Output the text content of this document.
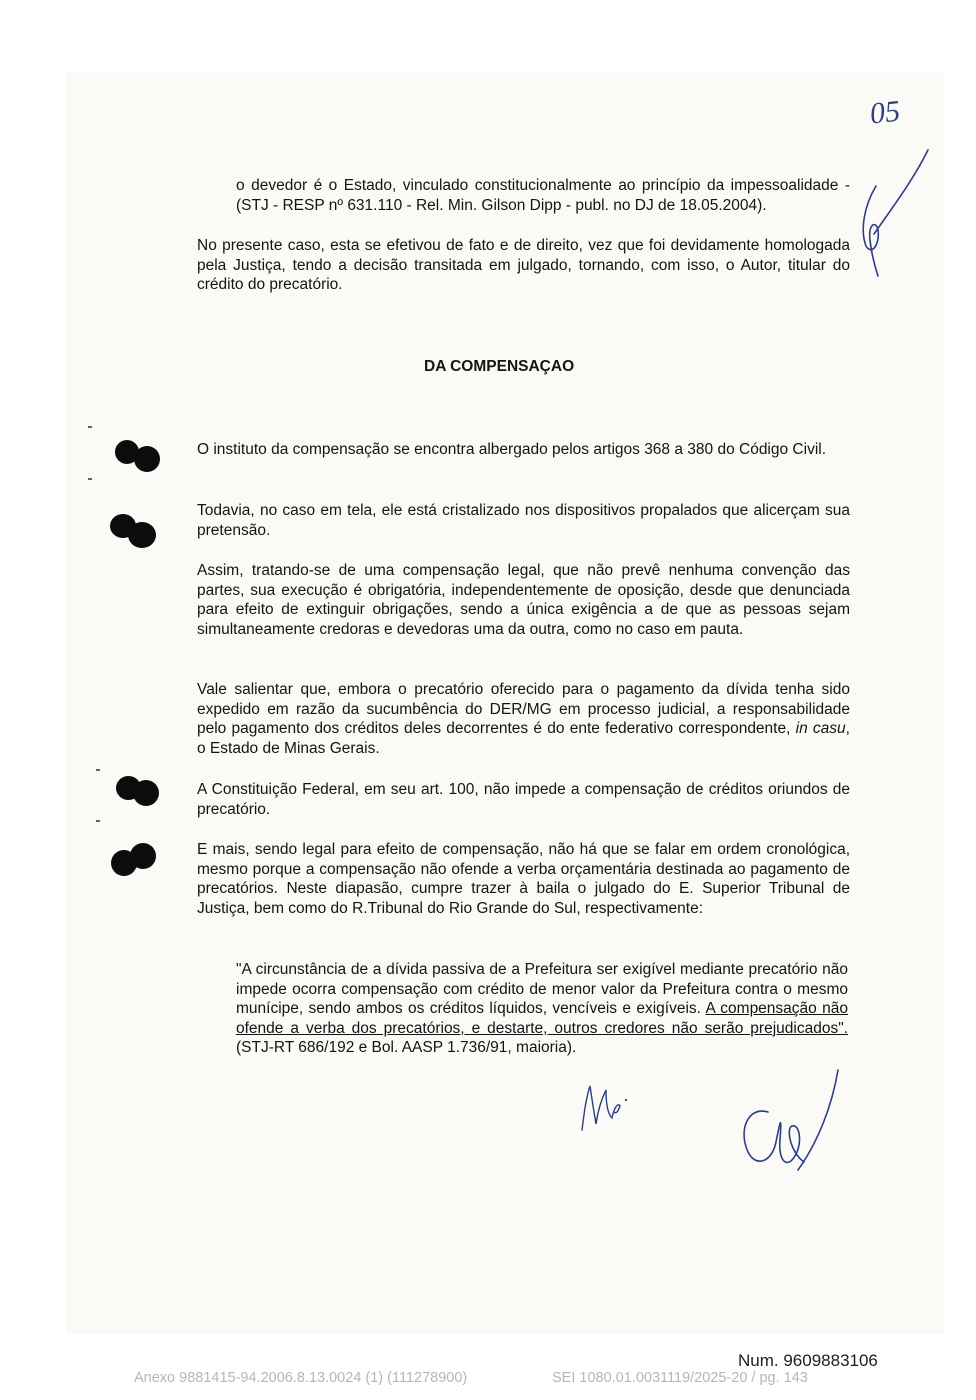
05
o devedor é o Estado, vinculado constitucionalmente ao princípio da impessoalidade - (STJ - RESP nº 631.110 - Rel. Min. Gilson Dipp - publ. no DJ de 18.05.2004).
No presente caso, esta se efetivou de fato e de direito, vez que foi devidamente homologada pela Justiça, tendo a decisão transitada em julgado, tornando, com isso, o Autor, titular do crédito do precatório.
DA COMPENSAÇAO
O instituto da compensação se encontra albergado pelos artigos 368 a 380 do Código Civil.
Todavia, no caso em tela, ele está cristalizado nos dispositivos propalados que alicerçam sua pretensão.
Assim, tratando-se de uma compensação legal, que não prevê nenhuma convenção das partes, sua execução é obrigatória, independentemente de oposição, desde que denunciada para efeito de extinguir obrigações, sendo a única exigência a de que as pessoas sejam simultaneamente credoras e devedoras uma da outra, como no caso em pauta.
Vale salientar que, embora o precatório oferecido para o pagamento da dívida tenha sido expedido em razão da sucumbência do DER/MG em processo judicial, a responsabilidade pelo pagamento dos créditos deles decorrentes é do ente federativo correspondente, in casu, o Estado de Minas Gerais.
A Constituição Federal, em seu art. 100, não impede a compensação de créditos oriundos de precatório.
E mais, sendo legal para efeito de compensação, não há que se falar em ordem cronológica, mesmo porque a compensação não ofende a verba orçamentária destinada ao pagamento de precatórios. Neste diapasão, cumpre trazer à baila o julgado do E. Superior Tribunal de Justiça, bem como do R.Tribunal do Rio Grande do Sul, respectivamente:
"A circunstância de a dívida passiva de a Prefeitura ser exigível mediante precatório não impede ocorra compensação com crédito de menor valor da Prefeitura contra o mesmo munícipe, sendo ambos os créditos líquidos, vencíveis e exigíveis. A compensação não ofende a verba dos precatórios, e destarte, outros credores não serão prejudicados". (STJ-RT 686/192 e Bol. AASP 1.736/91, maioria).
Num. 9609883106
Anexo 9881415-94.2006.8.13.0024 (1) (111278900)	SEI 1080.01.0031119/2025-20 / pg. 143
